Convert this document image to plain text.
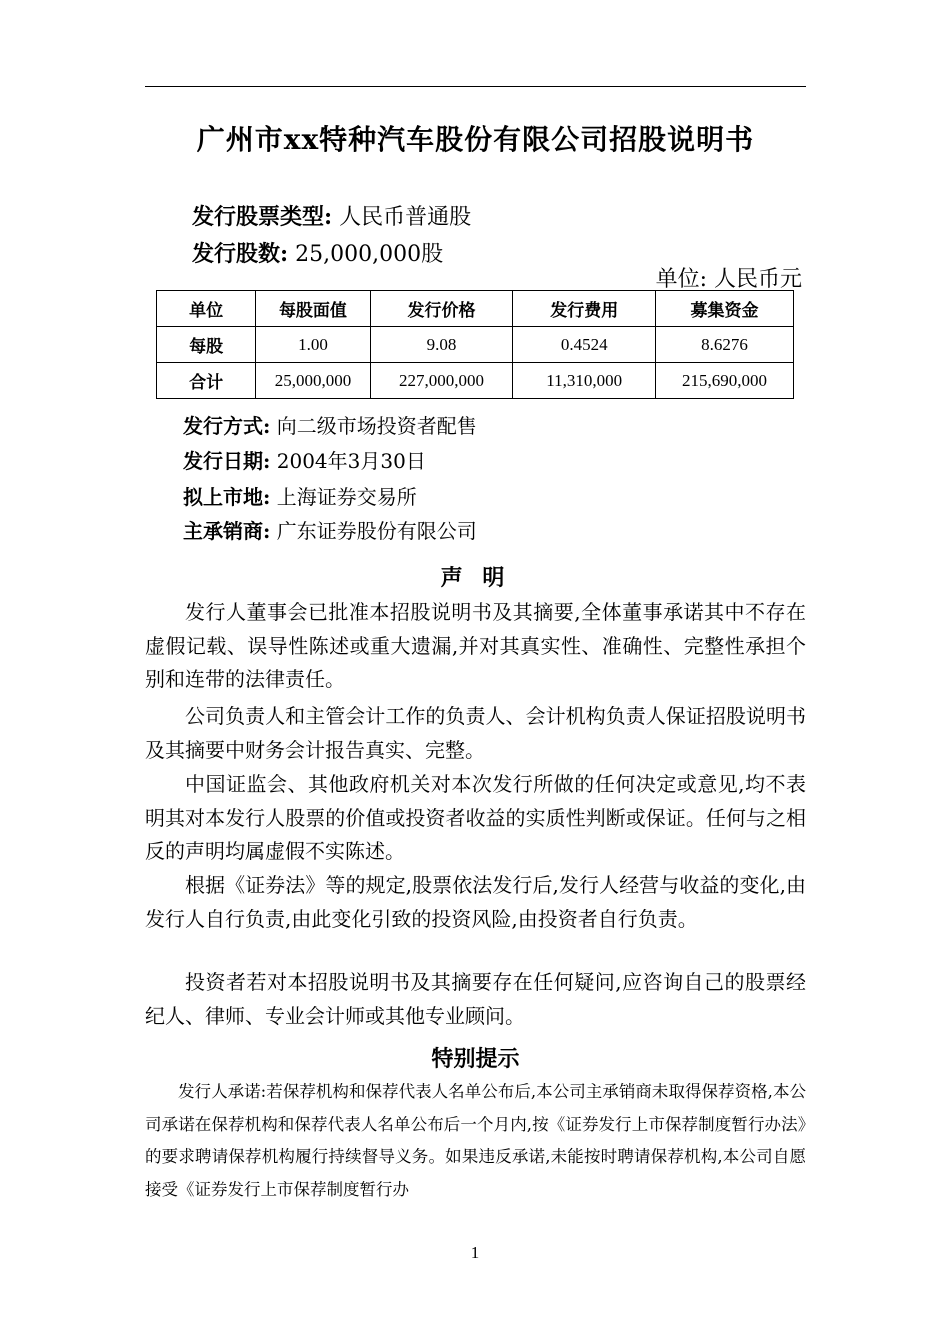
广州市xx特种汽车股份有限公司招股说明书
发行股票类型: 人民币普通股
发行股数: 25,000,000股
单位: 人民币元
单位	每股面值	发行价格	发行费用	募集资金
每股	1.00	9.08	0.4524	8.6276
合计	25,000,000	227,000,000	11,310,000	215,690,000
发行方式: 向二级市场投资者配售
发行日期: 2004年3月30日
拟上市地: 上海证券交易所
主承销商: 广东证券股份有限公司
声 明

发行人董事会已批准本招股说明书及其摘要,全体董事承诺其中不存在虚假记载、误导性陈述或重大遗漏,并对其真实性、准确性、完整性承担个别和连带的法律责任。

公司负责人和主管会计工作的负责人、会计机构负责人保证招股说明书及其摘要中财务会计报告真实、完整。

中国证监会、其他政府机关对本次发行所做的任何决定或意见,均不表明其对本发行人股票的价值或投资者收益的实质性判断或保证。任何与之相反的声明均属虚假不实陈述。

根据《证券法》等的规定,股票依法发行后,发行人经营与收益的变化,由发行人自行负责,由此变化引致的投资风险,由投资者自行负责。

投资者若对本招股说明书及其摘要存在任何疑问,应咨询自己的股票经纪人、律师、专业会计师或其他专业顾问。

特别提示

发行人承诺:若保荐机构和保荐代表人名单公布后,本公司主承销商未取得保荐资格,本公司承诺在保荐机构和保荐代表人名单公布后一个月内,按《证券发行上市保荐制度暂行办法》的要求聘请保荐机构履行持续督导义务。如果违反承诺,未能按时聘请保荐机构,本公司自愿接受《证券发行上市保荐制度暂行办

1
